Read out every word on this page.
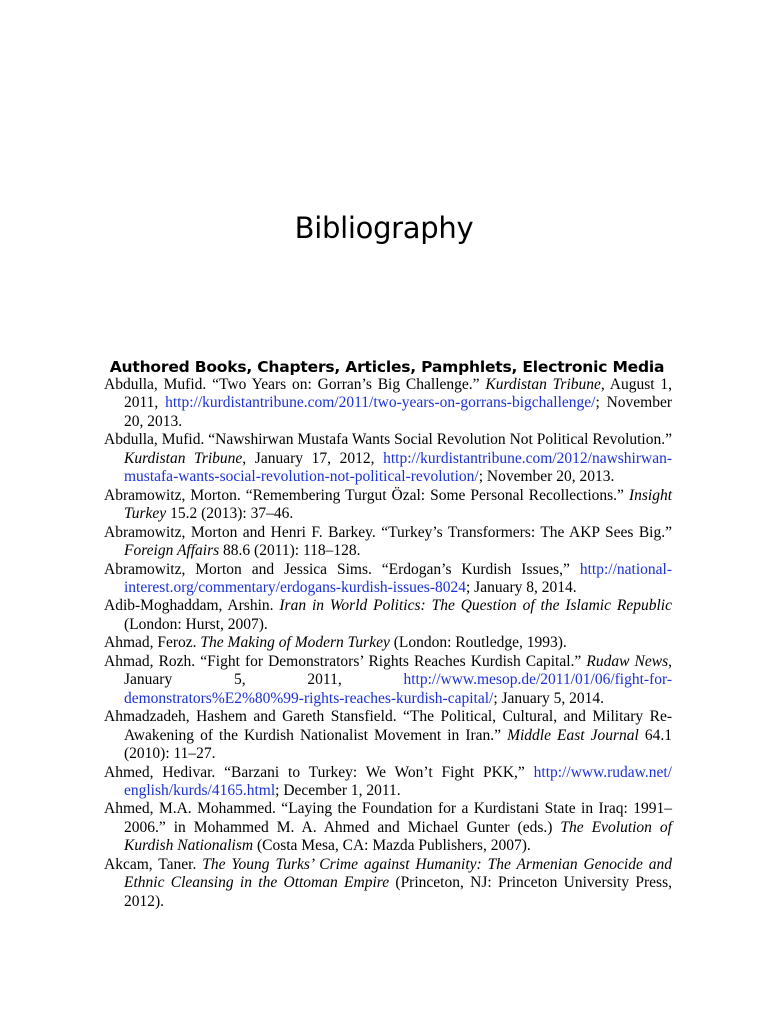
Bibliography
Authored Books, Chapters, Articles, Pamphlets, Electronic Media

Abdulla, Mufid. “Two Years on: Gorran’s Big Challenge.” Kurdistan Tribune, August 1, 2011, http://kurdistantribune.com/2011/two-years-on-gorrans-bigchallenge/; November 20, 2013.

Abdulla, Mufid. “Nawshirwan Mustafa Wants Social Revolution Not Political Revolution.” Kurdistan Tribune, January 17, 2012, http://kurdistantribune.com/2012/nawshirwan-mustafa-wants-social-revolution-not-political-revolution/; November 20, 2013.

Abramowitz, Morton. “Remembering Turgut Özal: Some Personal Recollections.” Insight Turkey 15.2 (2013): 37–46.

Abramowitz, Morton and Henri F. Barkey. “Turkey’s Transformers: The AKP Sees Big.” Foreign Affairs 88.6 (2011): 118–128.

Abramowitz, Morton and Jessica Sims. “Erdogan’s Kurdish Issues,” http://national-interest.org/commentary/erdogans-kurdish-issues-8024; January 8, 2014.

Adib-Moghaddam, Arshin. Iran in World Politics: The Question of the Islamic Republic (London: Hurst, 2007).

Ahmad, Feroz. The Making of Modern Turkey (London: Routledge, 1993).

Ahmad, Rozh. “Fight for Demonstrators’ Rights Reaches Kurdish Capital.” Rudaw News, January 5, 2011, http://www.mesop.de/2011/01/06/fight-for-demonstrators%E2%80%99-rights-reaches-kurdish-capital/; January 5, 2014.

Ahmadzadeh, Hashem and Gareth Stansfield. “The Political, Cultural, and Military Re-Awakening of the Kurdish Nationalist Movement in Iran.” Middle East Journal 64.1 (2010): 11–27.

Ahmed, Hedivar. “Barzani to Turkey: We Won’t Fight PKK,” http://www.rudaw.net/english/kurds/4165.html; December 1, 2011.

Ahmed, M.A. Mohammed. “Laying the Foundation for a Kurdistani State in Iraq: 1991–2006.” in Mohammed M. A. Ahmed and Michael Gunter (eds.) The Evolution of Kurdish Nationalism (Costa Mesa, CA: Mazda Publishers, 2007).

Akcam, Taner. The Young Turks’ Crime against Humanity: The Armenian Genocide and Ethnic Cleansing in the Ottoman Empire (Princeton, NJ: Princeton University Press, 2012).
